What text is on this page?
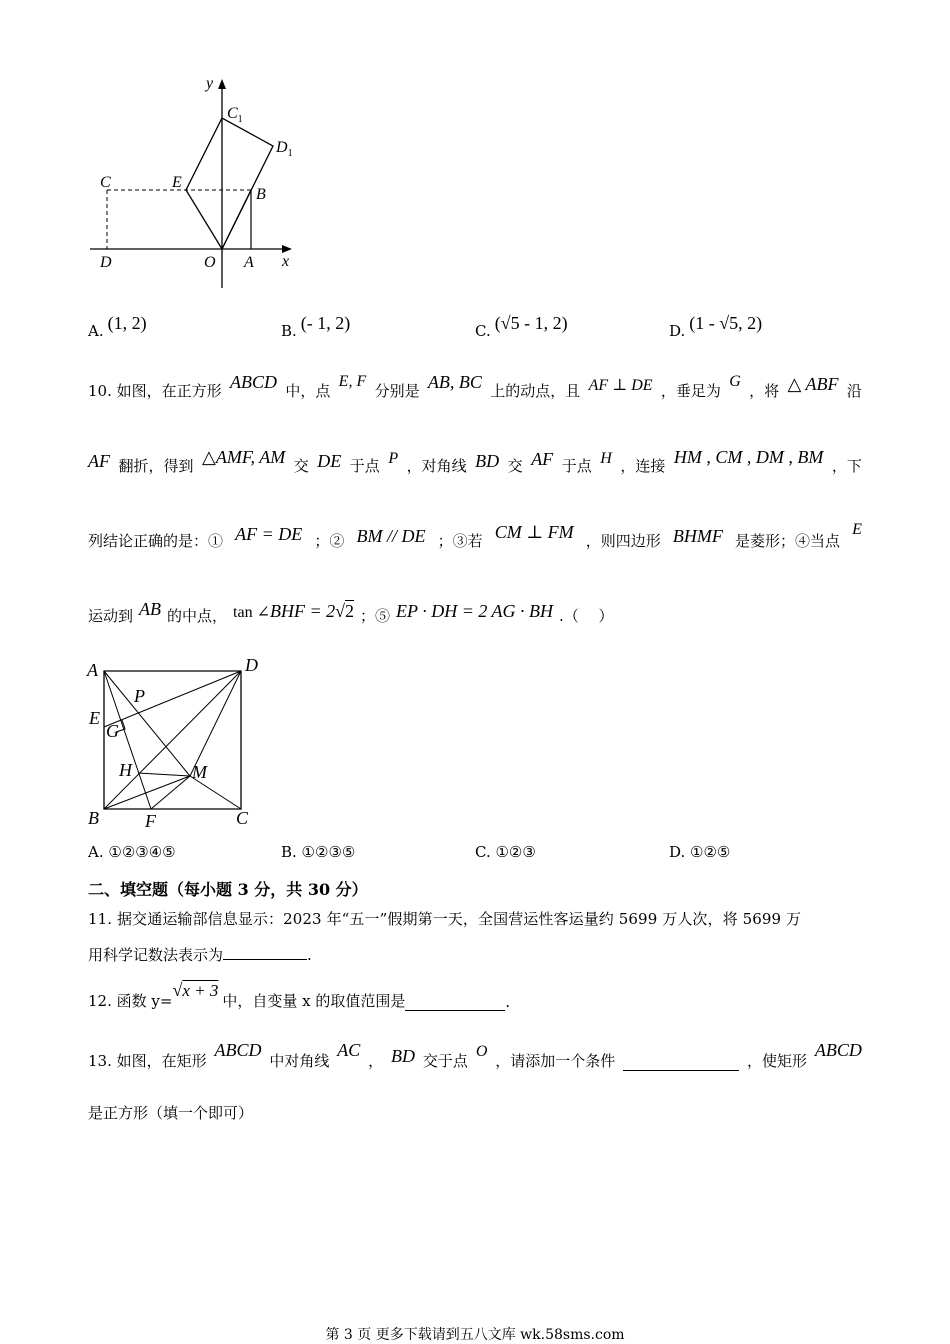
y
x
$C_1$
$D_1$
C	E
B
D	O A
A. (1, 2)	B. (- 1, 2)	C. (√5 - 1, 2)	D. (1 - √5, 2)
10. 如图，在正方形 ABCD 中，点
E, F
分别是 AB, BC 上的动点，且 AF ⊥ DE ，垂足为
G
，将 △ ABF 沿
AF 翻折，得到 △AMF, AM 交 DE 于点 P ，对角线 BD 交 AF 于点 H ，连接 HM , CM , DM , BM ，下
列结论正确的是：① AF = DE ；② BM // DE ；③若 CM ⊥ FM ，则四边形 BHMF 是菱形；④当点
E
运动到 AB 的中点， tan ∠BHF = 2√2 ；⑤ EP · DH = 2 AG · BH .（　 ）
A	D
P
E
G
H	M
B	F	C
A. ①②③④⑤	B. ①②③⑤	C. ①②③	D. ①②⑤
二、填空题（每小题 3 分，共 30 分）
11. 据交通运输部信息显示：2023 年“五一”假期第一天，全国营运性客运量约 5699 万人次，将 5699 万
用科学记数法表示为	.
12. 函数 y=
√x + 3
中，自变量 x 的取值范围是	.
13. 如图，在矩形
ABCD
中对角线
AC
， BD 交于点
O
，请添加一个条件	，使矩形
ABCD
是正方形（填一个即可）
第 3 页 更多下载请到五八文库 wk.58sms.com
